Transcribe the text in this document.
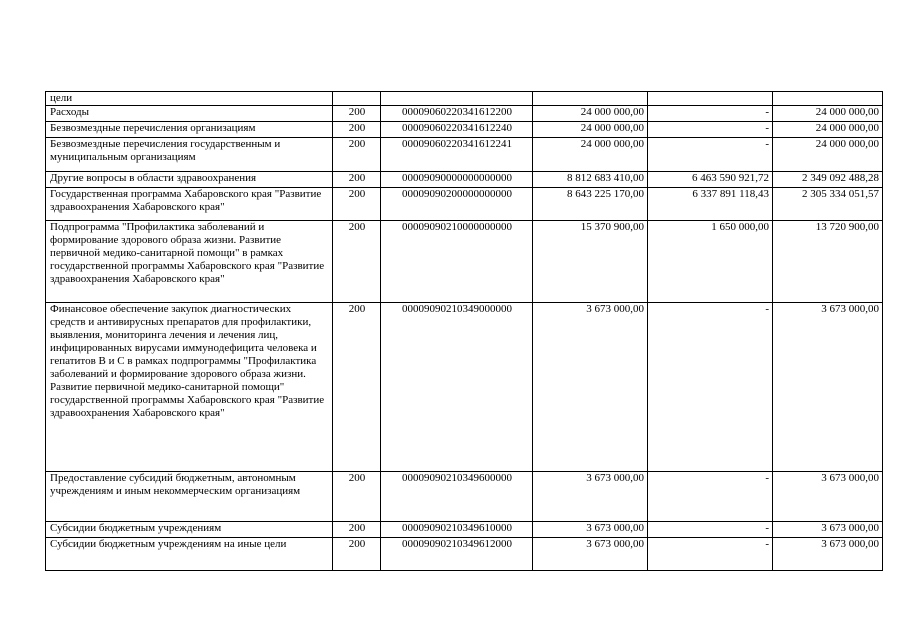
цели					
Расходы	200	00009060220341612200	24 000 000,00	-	24 000 000,00
Безвозмездные перечисления организациям	200	00009060220341612240	24 000 000,00	-	24 000 000,00
Безвозмездные перечисления государственным и муниципальным организациям	200	00009060220341612241	24 000 000,00	-	24 000 000,00
Другие вопросы в области здравоохранения	200	00009090000000000000	8 812 683 410,00	6 463 590 921,72	2 349 092 488,28
Государственная программа Хабаровского края "Развитие здравоохранения Хабаровского края"	200	00009090200000000000	8 643 225 170,00	6 337 891 118,43	2 305 334 051,57
Подпрограмма "Профилактика заболеваний и формирование здорового образа жизни. Развитие первичной медико-санитарной помощи" в рамках государственной программы Хабаровского края "Развитие здравоохранения Хабаровского края"	200	00009090210000000000	15 370 900,00	1 650 000,00	13 720 900,00
Финансовое обеспечение закупок диагностических средств и антивирусных препаратов для профилактики, выявления, мониторинга лечения и лечения лиц, инфицированных вирусами иммунодефицита человека и гепатитов B и C в рамках подпрограммы "Профилактика заболеваний и формирование здорового образа жизни. Развитие первичной медико-санитарной помощи" государственной программы Хабаровского края "Развитие здравоохранения Хабаровского края"	200	00009090210349000000	3 673 000,00	-	3 673 000,00
Предоставление субсидий бюджетным, автономным учреждениям и иным некоммерческим организациям	200	00009090210349600000	3 673 000,00	-	3 673 000,00
Субсидии бюджетным учреждениям	200	00009090210349610000	3 673 000,00	-	3 673 000,00
Субсидии бюджетным учреждениям на иные цели	200	00009090210349612000	3 673 000,00	-	3 673 000,00
